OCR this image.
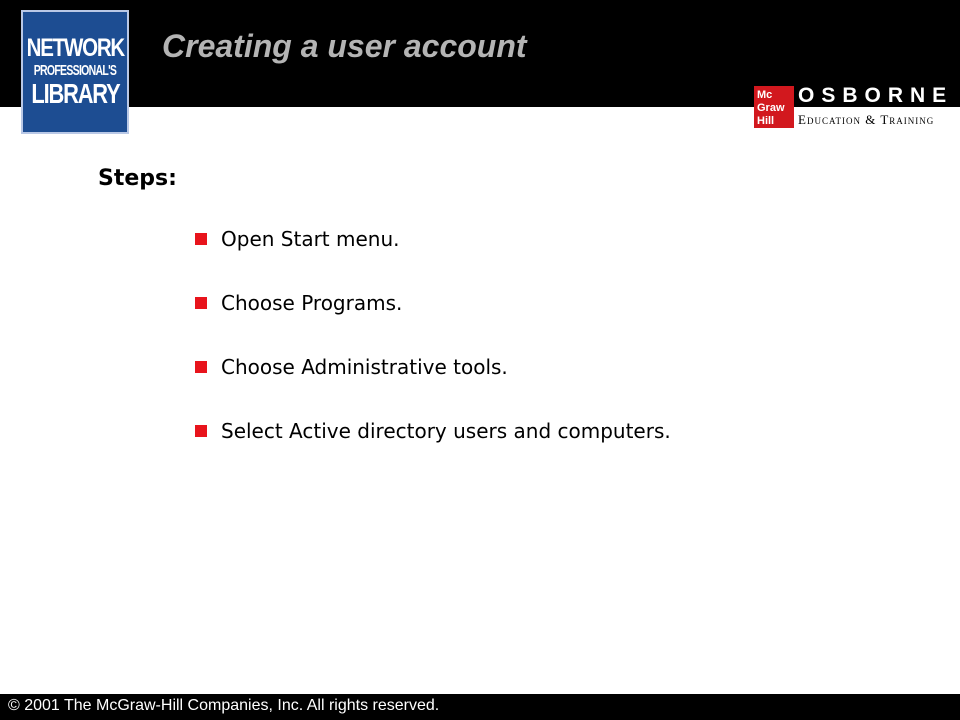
NETWORK
PROFESSIONAL'S
LIBRARY
Creating a user account
Mc
Graw
Hill
OSBORNE
Education & Training
Steps:
Open Start menu.
Choose Programs.
Choose Administrative tools.
Select Active directory users and computers.
© 2001 The McGraw-Hill Companies, Inc. All rights reserved.
